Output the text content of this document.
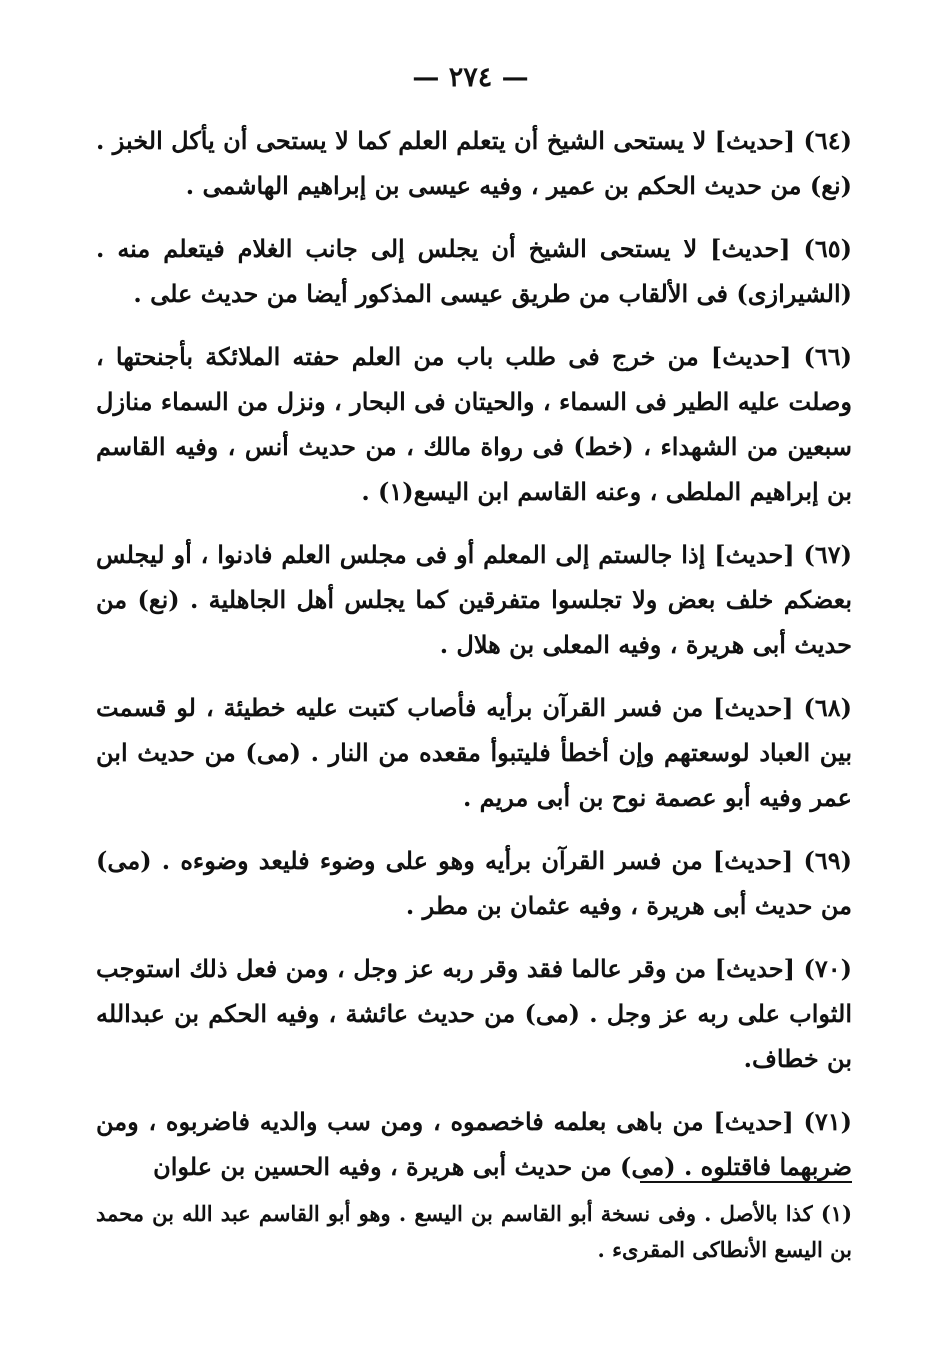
— ٢٧٤ —

(٦٤) [حديث] لا يستحى الشيخ أن يتعلم العلم كما لا يستحى أن يأكل الخبز . (نع) من حديث الحكم بن عمير ، وفيه عيسى بن إبراهيم الهاشمى .

(٦٥) [حديث] لا يستحى الشيخ أن يجلس إلى جانب الغلام فيتعلم منه . (الشيرازى) فى الألقاب من طريق عيسى المذكور أيضا من حديث على .

(٦٦) [حديث] من خرج فى طلب باب من العلم حفته الملائكة بأجنحتها ، وصلت عليه الطير فى السماء ، والحيتان فى البحار ، ونزل من السماء منازل سبعين من الشهداء ، (خط) فى رواة مالك ، من حديث أنس ، وفيه القاسم بن إبراهيم الملطى ، وعنه القاسم ابن اليسع(١) .

(٦٧) [حديث] إذا جالستم إلى المعلم أو فى مجلس العلم فادنوا ، أو ليجلس بعضكم خلف بعض ولا تجلسوا متفرقين كما يجلس أهل الجاهلية . (نع) من حديث أبى هريرة ، وفيه المعلى بن هلال .

(٦٨) [حديث] من فسر القرآن برأيه فأصاب كتبت عليه خطيئة ، لو قسمت بين العباد لوسعتهم وإن أخطأ فليتبوأ مقعده من النار . (مى) من حديث ابن عمر وفيه أبو عصمة نوح بن أبى مريم .

(٦٩) [حديث] من فسر القرآن برأيه وهو على وضوء فليعد وضوءه . (مى) من حديث أبى هريرة ، وفيه عثمان بن مطر .

(٧٠) [حديث] من وقر عالما فقد وقر ربه عز وجل ، ومن فعل ذلك استوجب الثواب على ربه عز وجل . (مى) من حديث عائشة ، وفيه الحكم بن عبدالله بن خطاف.

(٧١) [حديث] من باهى بعلمه فاخصموه ، ومن سب والديه فاضربوه ، ومن ضربهما فاقتلوه . (مى) من حديث أبى هريرة ، وفيه الحسين بن علوان

(١) كذا بالأصل . وفى نسخة أبو القاسم بن اليسع . وهو أبو القاسم عبد الله بن محمد بن اليسع الأنطاكى المقرىء .
